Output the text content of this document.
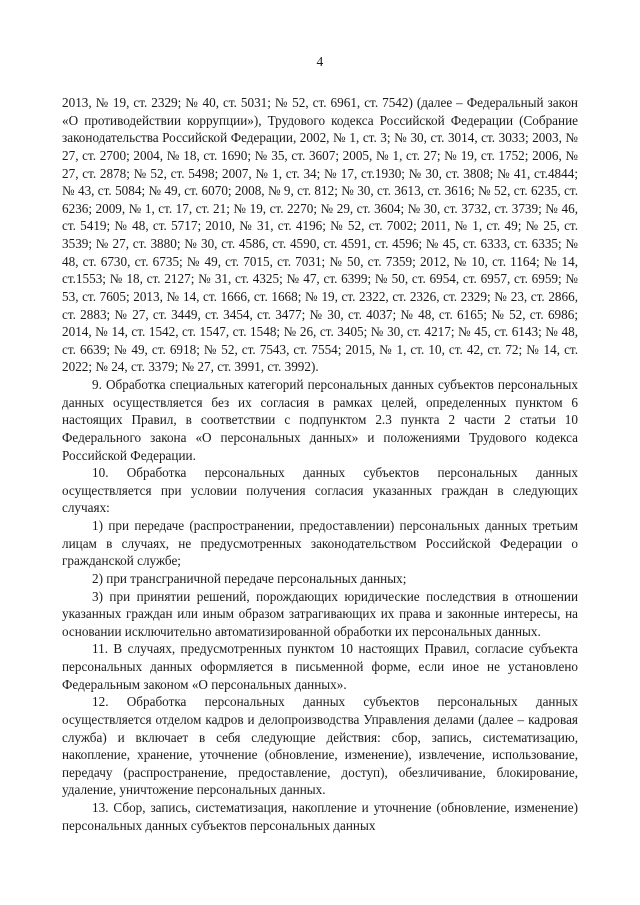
4

2013, № 19, ст. 2329; № 40, ст. 5031; № 52, ст. 6961, ст. 7542) (далее – Федеральный закон «О противодействии коррупции»), Трудового кодекса Российской Федерации (Собрание законодательства Российской Федерации, 2002, № 1, ст. 3; № 30, ст. 3014, ст. 3033; 2003, № 27, ст. 2700; 2004, № 18, ст. 1690; № 35, ст. 3607; 2005, № 1, ст. 27; № 19, ст. 1752; 2006, № 27, ст. 2878; № 52, ст. 5498; 2007, № 1, ст. 34; № 17, ст.1930; № 30, ст. 3808; № 41, ст.4844; № 43, ст. 5084; № 49, ст. 6070; 2008, № 9, ст. 812; № 30, ст. 3613, ст. 3616; № 52, ст. 6235, ст. 6236; 2009, № 1, ст. 17, ст. 21; № 19, ст. 2270; № 29, ст. 3604; № 30, ст. 3732, ст. 3739; № 46, ст. 5419; № 48, ст. 5717; 2010, № 31, ст. 4196; № 52, ст. 7002; 2011, № 1, ст. 49; № 25, ст. 3539; № 27, ст. 3880; № 30, ст. 4586, ст. 4590, ст. 4591, ст. 4596; № 45, ст. 6333, ст. 6335; № 48, ст. 6730, ст. 6735; № 49, ст. 7015, ст. 7031; № 50, ст. 7359; 2012, № 10, ст. 1164; № 14, ст.1553; № 18, ст. 2127; № 31, ст. 4325; № 47, ст. 6399; № 50, ст. 6954, ст. 6957, ст. 6959; № 53, ст. 7605; 2013, № 14, ст. 1666, ст. 1668; № 19, ст. 2322, ст. 2326, ст. 2329; № 23, ст. 2866, ст. 2883; № 27, ст. 3449, ст. 3454, ст. 3477; № 30, ст. 4037; № 48, ст. 6165; № 52, ст. 6986; 2014, № 14, ст. 1542, ст. 1547, ст. 1548; № 26, ст. 3405; № 30, ст. 4217; № 45, ст. 6143; № 48, ст. 6639; № 49, ст. 6918; № 52, ст. 7543, ст. 7554; 2015, № 1, ст. 10, ст. 42, ст. 72; № 14, ст. 2022; № 24, ст. 3379; № 27, ст. 3991, ст. 3992).

9. Обработка специальных категорий персональных данных субъектов персональных данных осуществляется без их согласия в рамках целей, определенных пунктом 6 настоящих Правил, в соответствии с подпунктом 2.3 пункта 2 части 2 статьи 10 Федерального закона «О персональных данных» и положениями Трудового кодекса Российской Федерации.

10. Обработка персональных данных субъектов персональных данных осуществляется при условии получения согласия указанных граждан в следующих случаях:

1) при передаче (распространении, предоставлении) персональных данных третьим лицам в случаях, не предусмотренных законодательством Российской Федерации о гражданской службе;

2) при трансграничной передаче персональных данных;

3) при принятии решений, порождающих юридические последствия в отношении указанных граждан или иным образом затрагивающих их права и законные интересы, на основании исключительно автоматизированной обработки их персональных данных.

11. В случаях, предусмотренных пунктом 10 настоящих Правил, согласие субъекта персональных данных оформляется в письменной форме, если иное не установлено Федеральным законом «О персональных данных».

12. Обработка персональных данных субъектов персональных данных осуществляется отделом кадров и делопроизводства Управления делами (далее – кадровая служба) и включает в себя следующие действия: сбор, запись, систематизацию, накопление, хранение, уточнение (обновление, изменение), извлечение, использование, передачу (распространение, предоставление, доступ), обезличивание, блокирование, удаление, уничтожение персональных данных.

13. Сбор, запись, систематизация, накопление и уточнение (обновление, изменение) персональных данных субъектов персональных данных
